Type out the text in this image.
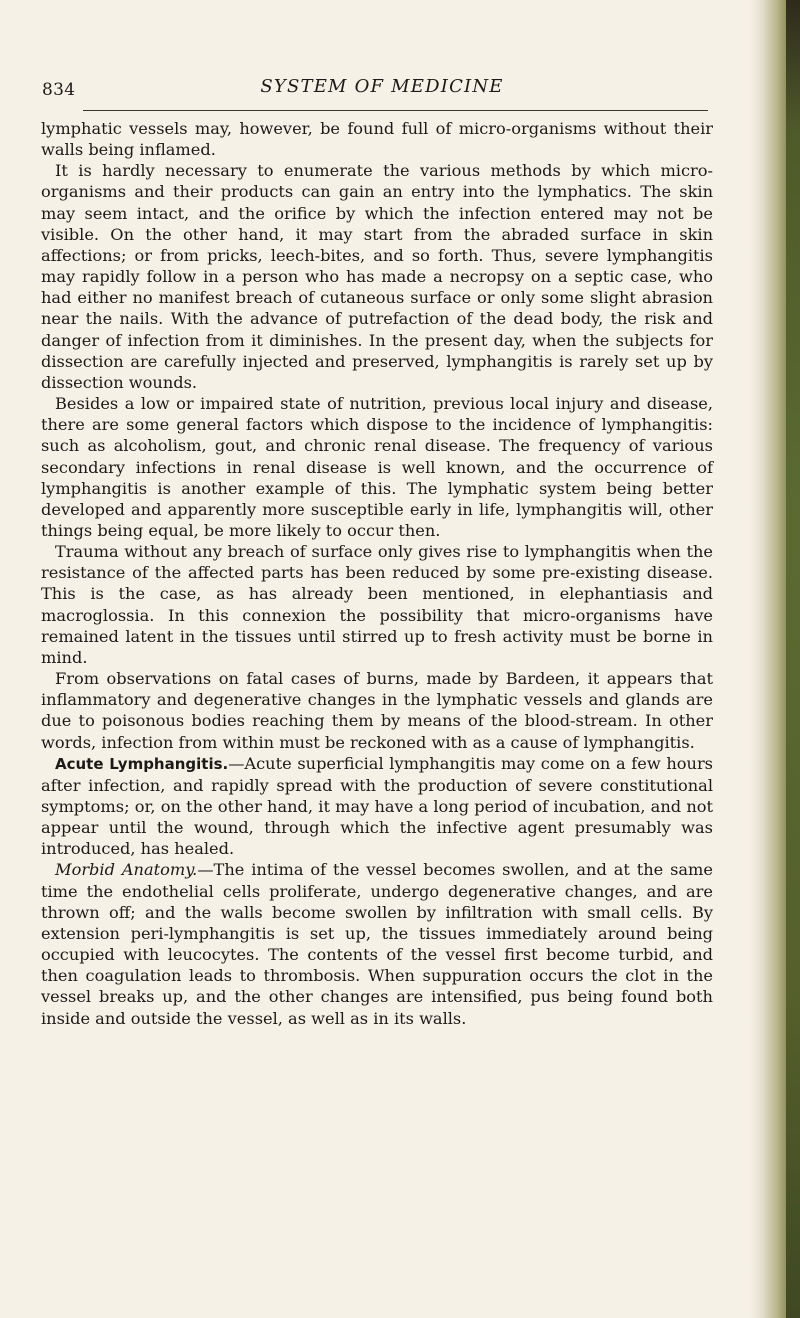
834	SYSTEM OF MEDICINE

lymphatic vessels may, however, be found full of micro-organisms without their walls being inflamed.

It is hardly necessary to enumerate the various methods by which micro-organisms and their products can gain an entry into the lymphatics. The skin may seem intact, and the orifice by which the infection entered may not be visible. On the other hand, it may start from the abraded surface in skin affections; or from pricks, leech-bites, and so forth. Thus, severe lymphangitis may rapidly follow in a person who has made a necropsy on a septic case, who had either no manifest breach of cutaneous surface or only some slight abrasion near the nails. With the advance of putrefaction of the dead body, the risk and danger of infection from it diminishes. In the present day, when the subjects for dissection are carefully injected and preserved, lymphangitis is rarely set up by dissection wounds.

Besides a low or impaired state of nutrition, previous local injury and disease, there are some general factors which dispose to the incidence of lymphangitis: such as alcoholism, gout, and chronic renal disease. The frequency of various secondary infections in renal disease is well known, and the occurrence of lymphangitis is another example of this. The lymphatic system being better developed and apparently more susceptible early in life, lymphangitis will, other things being equal, be more likely to occur then.

Trauma without any breach of surface only gives rise to lymphangitis when the resistance of the affected parts has been reduced by some pre-existing disease. This is the case, as has already been mentioned, in elephantiasis and macroglossia. In this connexion the possibility that micro-organisms have remained latent in the tissues until stirred up to fresh activity must be borne in mind.

From observations on fatal cases of burns, made by Bardeen, it appears that inflammatory and degenerative changes in the lymphatic vessels and glands are due to poisonous bodies reaching them by means of the blood-stream. In other words, infection from within must be reckoned with as a cause of lymphangitis.

Acute Lymphangitis.—Acute superficial lymphangitis may come on a few hours after infection, and rapidly spread with the production of severe constitutional symptoms; or, on the other hand, it may have a long period of incubation, and not appear until the wound, through which the infective agent presumably was introduced, has healed.

Morbid Anatomy.—The intima of the vessel becomes swollen, and at the same time the endothelial cells proliferate, undergo degenerative changes, and are thrown off; and the walls become swollen by infiltration with small cells. By extension peri-lymphangitis is set up, the tissues immediately around being occupied with leucocytes. The contents of the vessel first become turbid, and then coagulation leads to thrombosis. When suppuration occurs the clot in the vessel breaks up, and the other changes are intensified, pus being found both inside and outside the vessel, as well as in its walls.
